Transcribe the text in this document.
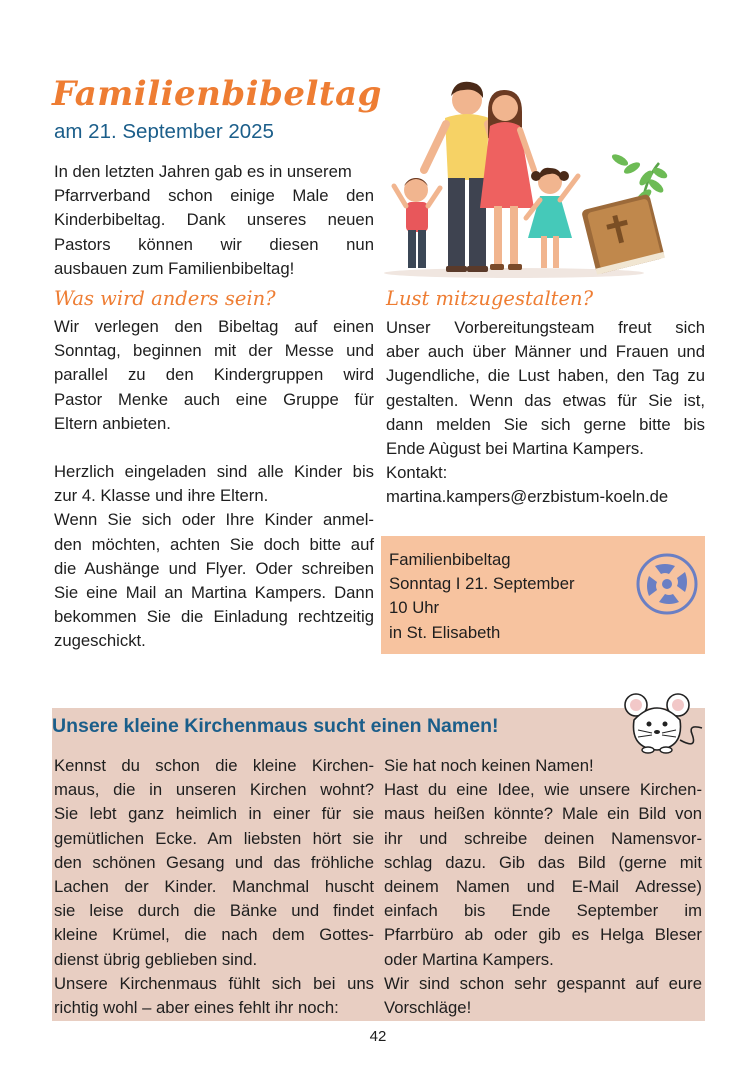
Familienbibeltag
am 21. September 2025

In den letzten Jahren gab es in unserem

Pfarrverband schon einige Male den

Kinderbibeltag. Dank unseres neuen

Pastors können wir diesen nun

ausbauen zum Familienbibeltag!

Was wird anders sein?

Wir verlegen den Bibeltag auf einen

Sonntag, beginnen mit der Messe und

parallel zu den Kindergruppen wird

Pastor Menke auch eine Gruppe für

Eltern anbieten.

Herzlich eingeladen sind alle Kinder bis

zur 4. Klasse und ihre Eltern.

Wenn Sie sich oder Ihre Kinder anmel-

den möchten, achten Sie doch bitte auf

die Aushänge und Flyer. Oder schreiben

Sie eine Mail an Martina Kampers. Dann

bekommen Sie die Einladung rechtzeitig

zugeschickt.

Lust mitzugestalten?

Unser Vorbereitungsteam freut sich

aber auch über Männer und Frauen und

Jugendliche, die Lust haben, den Tag zu

gestalten. Wenn das etwas für Sie ist,

dann melden Sie sich gerne bitte bis

Ende Aùgust bei Martina Kampers.

Kontakt:

martina.kampers@erzbistum-koeln.de

Familienbibeltag
Sonntag I 21. September
10 Uhr
in St. Elisabeth
Unsere kleine Kirchenmaus sucht einen Namen!

Kennst du schon die kleine Kirchen-

maus, die in unseren Kirchen wohnt?

Sie lebt ganz heimlich in einer für sie

gemütlichen Ecke. Am liebsten hört sie

den schönen Gesang und das fröhliche

Lachen der Kinder. Manchmal huscht

sie leise durch die Bänke und findet

kleine Krümel, die nach dem Gottes-

dienst übrig geblieben sind.

Unsere Kirchenmaus fühlt sich bei uns

richtig wohl – aber eines fehlt ihr noch:

Sie hat noch keinen Namen!

Hast du eine Idee, wie unsere Kirchen-

maus heißen könnte? Male ein Bild von

ihr und schreibe deinen Namensvor-

schlag dazu. Gib das Bild (gerne mit

deinem Namen und E-Mail Adresse)

einfach bis Ende September im

Pfarrbüro ab oder gib es Helga Bleser

oder Martina Kampers.

Wir sind schon sehr gespannt auf eure

Vorschläge!

42
